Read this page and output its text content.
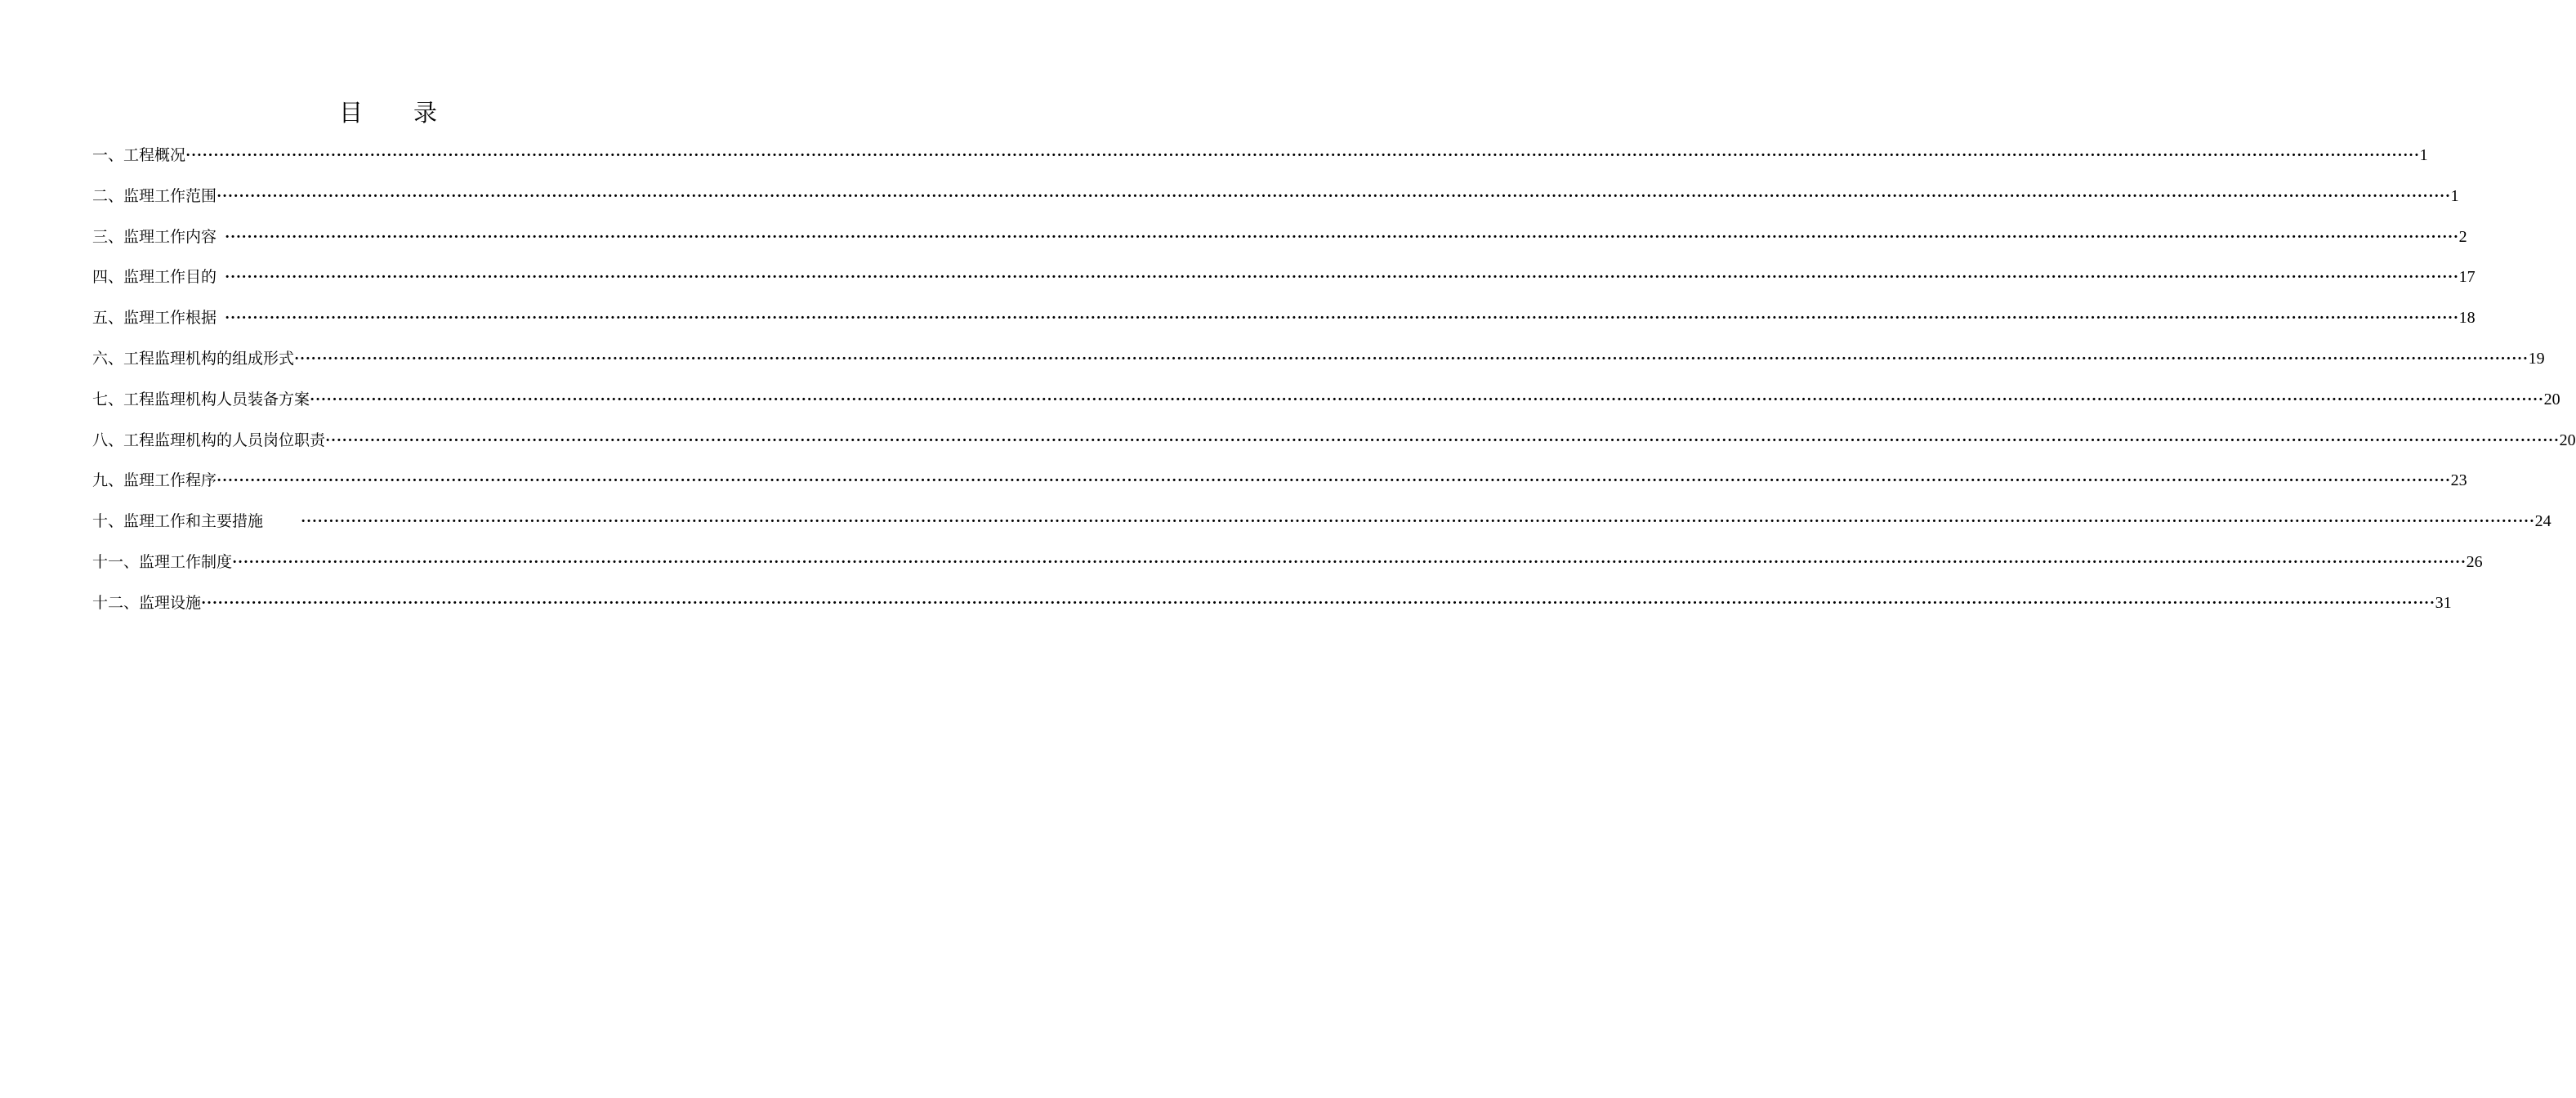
目 录
一、工程概况 ················································································································································································································································································································································································································ 1
二、监理工作范围 ················································································································································································································································································································································································································ 1
三、监理工作内容 ················································································································································································································································································································································································································ 2
四、监理工作目的 ················································································································································································································································································································································································································ 17
五、监理工作根据 ················································································································································································································································································································································································································ 18
六、工程监理机构的组成形式 ················································································································································································································································································································································································································ 19
七、工程监理机构人员装备方案 ················································································································································································································································································································································································································ 20
八、工程监理机构的人员岗位职责 ················································································································································································································································································································································································································ 20
九、监理工作程序 ················································································································································································································································································································································································································ 23
十、监理工作和主要措施 ················································································································································································································································································································································································································ 24
十一、监理工作制度 ················································································································································································································································································································································································································ 26
十二、监理设施 ················································································································································································································································································································································································································ 31
